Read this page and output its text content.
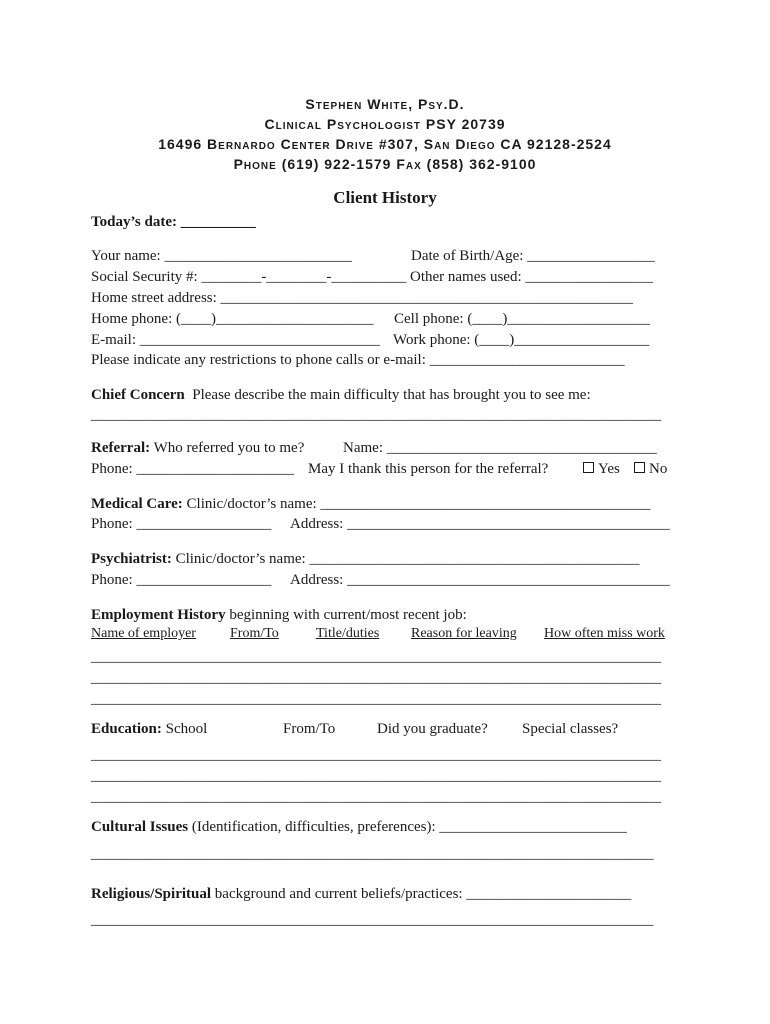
Stephen White, Psy.D.
Clinical Psychologist PSY 20739
16496 Bernardo Center Drive #307, San Diego CA 92128-2524
Phone (619) 922-1579 Fax (858) 362-9100
Client History
Today’s date: __________
Your name: _________________________	Date of Birth/Age: _________________
Social Security #: ________-________-__________ Other names used: _________________
Home street address: _______________________________________________________
Home phone: (____)_____________________ Cell phone: (____)___________________
E-mail: ________________________________ Work phone: (____)__________________
Please indicate any restrictions to phone calls or e-mail: __________________________
Chief Concern Please describe the main difficulty that has brought you to see me:
____________________________________________________________________________
Referral: Who referred you to me?	Name: ____________________________________
Phone: _____________________ May I thank this person for the referral?	Yes	No
Medical Care: Clinic/doctor’s name: ____________________________________________
Phone: __________________ Address: ___________________________________________
Psychiatrist: Clinic/doctor’s name: ____________________________________________
Phone: __________________ Address: ___________________________________________
Employment History beginning with current/most recent job:
Name of employer From/To	Title/duties Reason for leaving How often miss work
____________________________________________________________________________
____________________________________________________________________________
____________________________________________________________________________
Education: School	From/To	Did you graduate? Special classes?
____________________________________________________________________________
____________________________________________________________________________
____________________________________________________________________________
Cultural Issues (Identification, difficulties, preferences): _________________________
___________________________________________________________________________
Religious/Spiritual background and current beliefs/practices: ______________________
___________________________________________________________________________
